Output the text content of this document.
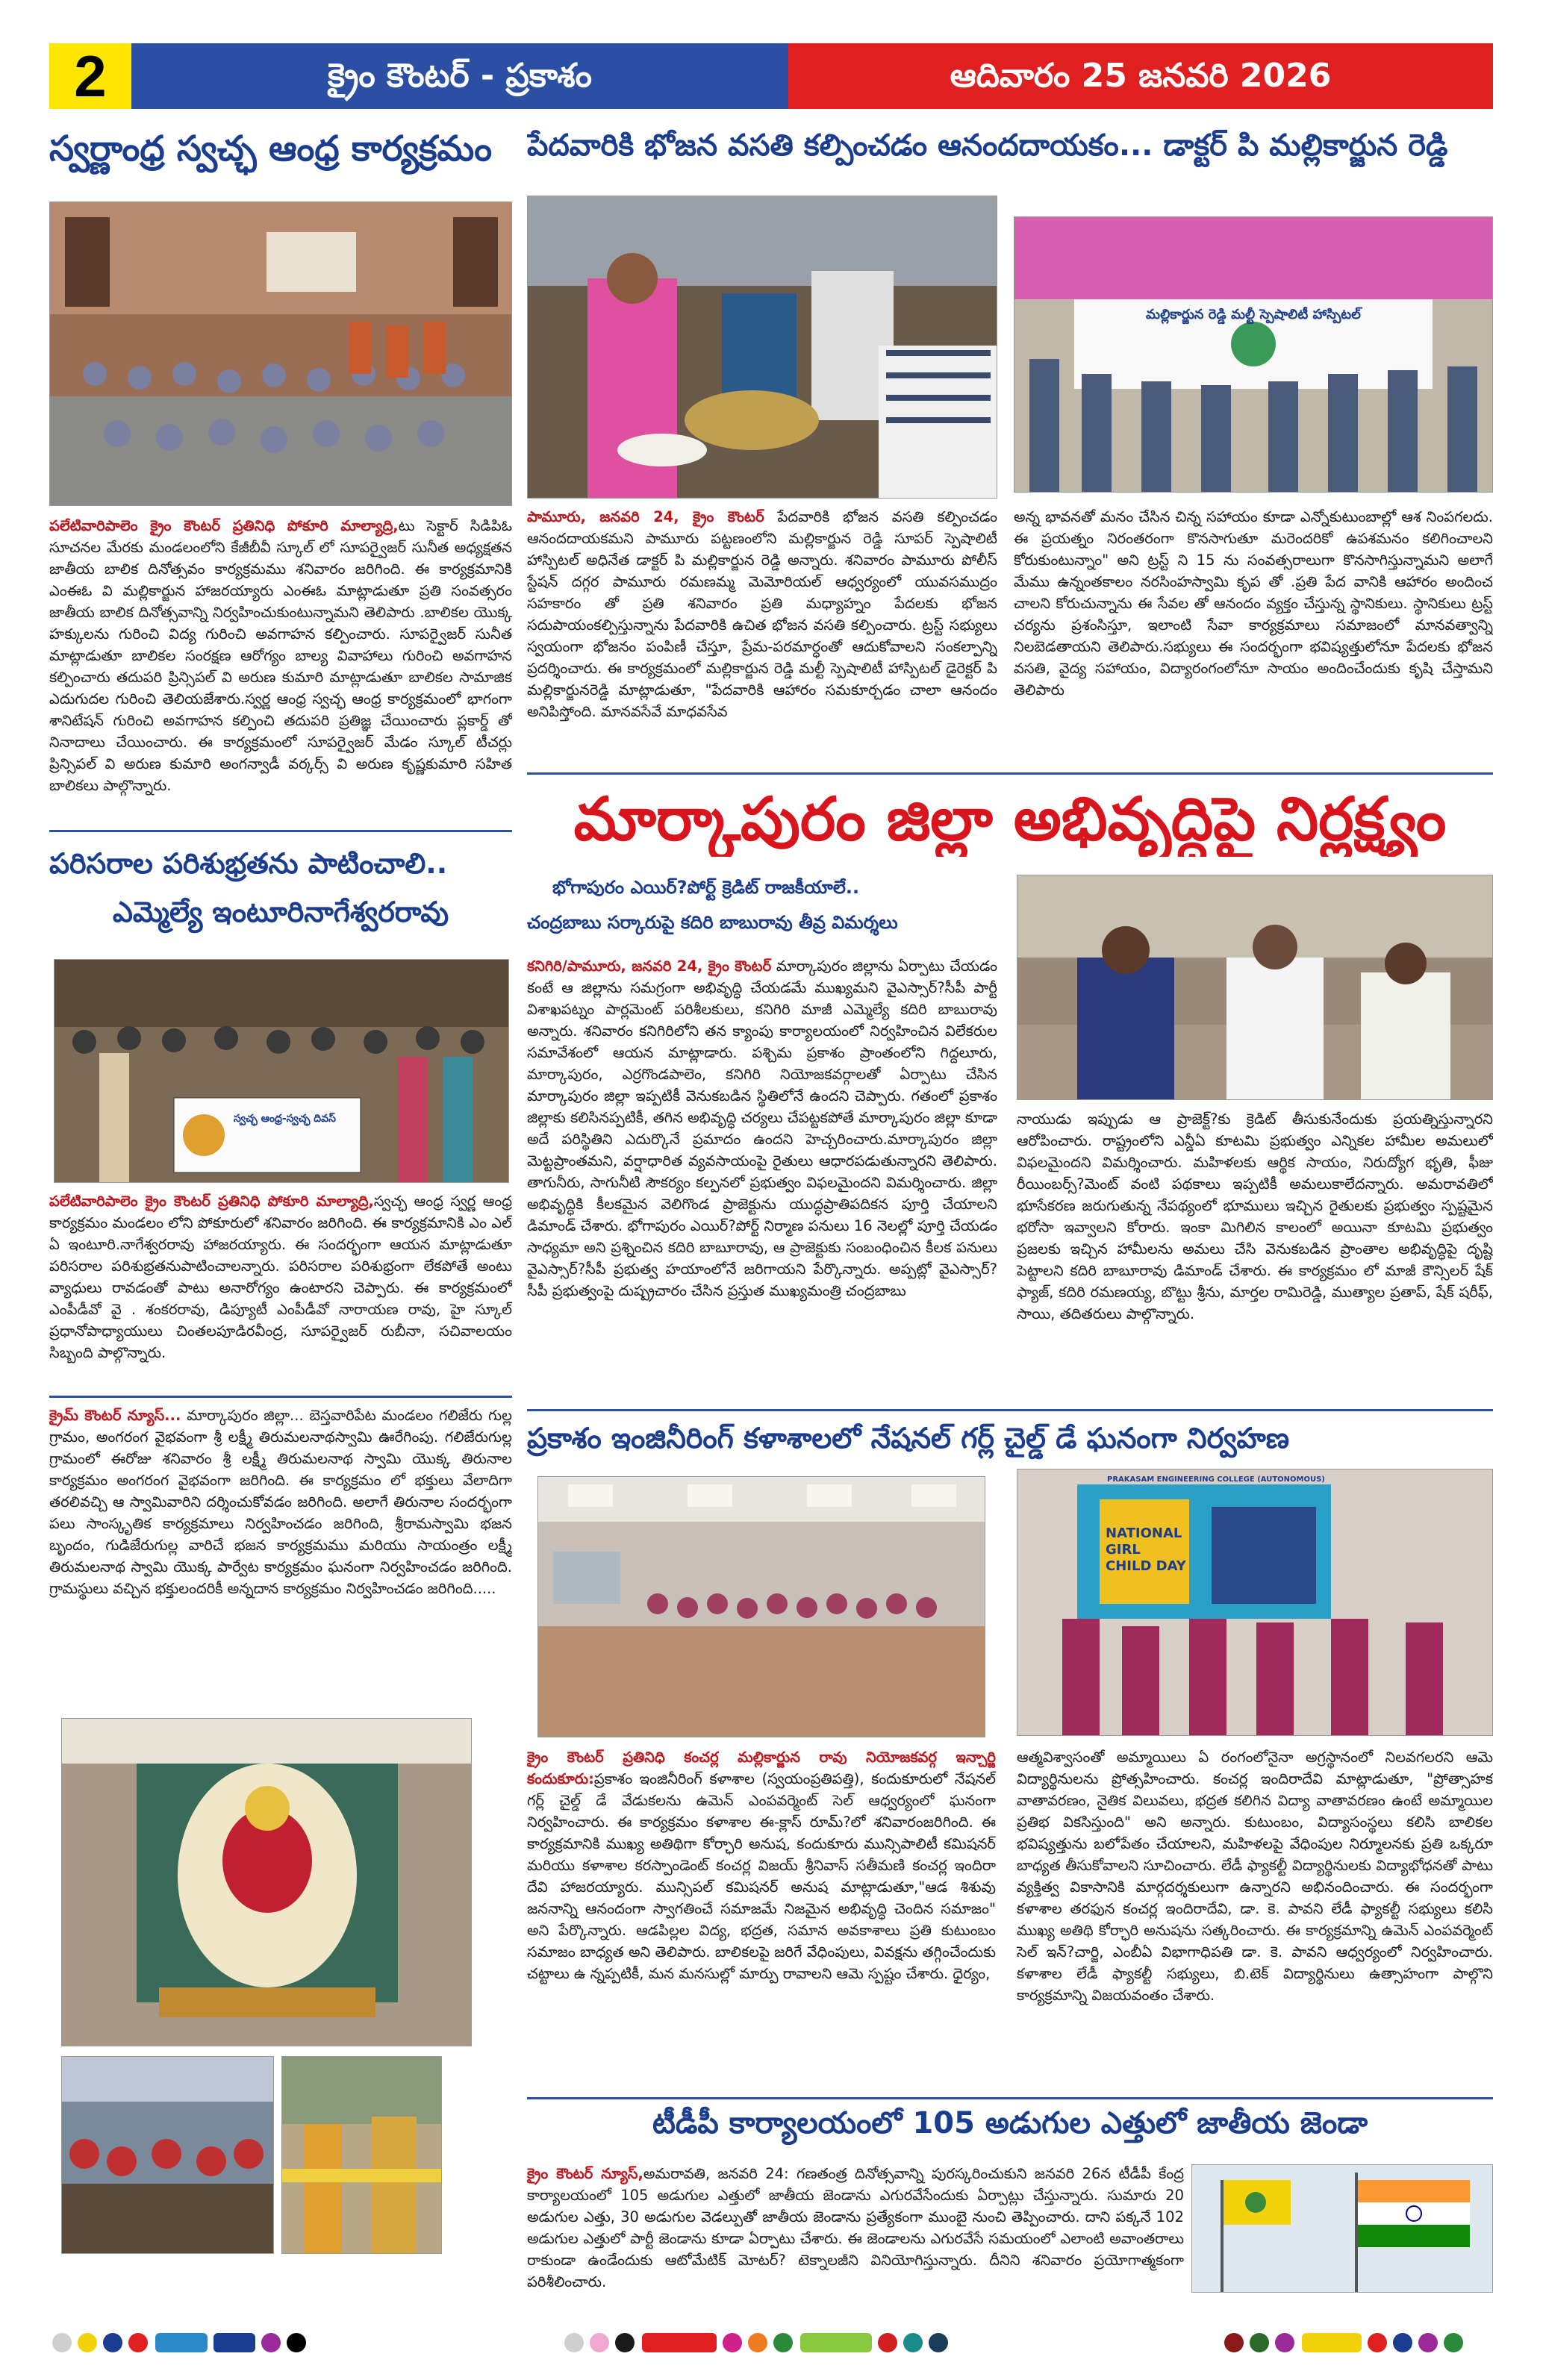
2	క్రైం కౌంటర్ - ప్రకాశం	ఆదివారం 25 జనవరి 2026
స్వర్ణాంధ్ర స్వచ్ఛ ఆంధ్ర కార్యక్రమం
పలేటివారిపాలెం క్రైం కౌంటర్ ప్రతినిధి పోకూరి మాల్యాద్రి,టు సెక్టార్ సిడిపిఓ సూచనల మేరకు మండలంలోని కేజీబీవీ స్కూల్ లో సూపర్వైజర్ సునీత అధ్యక్షతన జాతీయ బాలిక దినోత్సవం కార్యక్రమము శనివారం జరిగింది. ఈ కార్యక్రమానికి ఎంఈఓ వి మల్లికార్జున హాజరయ్యారు ఎంఈఓ మాట్లాడుతూ ప్రతి సంవత్సరం జాతీయ బాలిక దినోత్సవాన్ని నిర్వహించుకుంటున్నామని తెలిపారు .బాలికల యొక్క హక్కులను గురించి విద్య గురించి అవగాహన కల్పించారు. సూపర్వైజర్ సునీత మాట్లాడుతూ బాలికల సంరక్షణ ఆరోగ్యం బాల్య వివాహాలు గురించి అవగాహన కల్పించారు తదుపరి ప్రిన్సిపల్ వి అరుణ కుమారి మాట్లాడుతూ బాలికల సామాజిక ఎదుగుదల గురించి తెలియజేశారు.స్వర్ణ ఆంధ్ర స్వచ్ఛ ఆంధ్ర కార్యక్రమంలో భాగంగా శానిటేషన్ గురించి అవగాహన కల్పించి తదుపరి ప్రతిజ్ఞ చేయించారు ప్లకార్డ్ తో నినాదాలు చేయించారు. ఈ కార్యక్రమంలో సూపర్వైజర్ మేడం స్కూల్ టీచర్లు ప్రిన్సిపల్ వి అరుణ కుమారి అంగన్వాడీ వర్కర్స్ వి అరుణ కృష్ణకుమారి సహిత బాలికలు పాల్గొన్నారు.
పరిసరాల పరిశుభ్రతను పాటించాలి..
ఎమ్మెల్యే ఇంటూరినాగేశ్వరరావు
స్వచ్ఛ ఆంధ్ర-స్వచ్ఛ దివస్
పలేటివారిపాలెం క్రైం కౌంటర్ ప్రతినిధి పోకూరి మాల్యాద్రి,స్వచ్ఛ ఆంధ్ర స్వర్ణ ఆంధ్ర కార్యక్రమం మండలం లోని పోకూరులో శనివారం జరిగింది. ఈ కార్యక్రమానికి ఎం ఎల్ ఏ ఇంటూరి.నాగేశ్వరరావు హాజరయ్యారు. ఈ సందర్భంగా ఆయన మాట్లాడుతూ పరిసరాల పరిశుభ్రతనుపాటించాలన్నారు. పరిసరాల పరిశుభ్రంగా లేకపోతే అంటు వ్యాధులు రావడంతో పాటు అనారోగ్యం ఉంటారని చెప్పారు. ఈ కార్యక్రమంలో ఎంపీడీవో వై . శంకరరావు, డిప్యూటీ ఎంపీడీవో నారాయణ రావు, హై స్కూల్ ప్రధానోపాధ్యాయులు చింతలపూడిరవీంద్ర, సూపర్వైజర్ రుబీనా, సచివాలయం సిబ్బంది పాల్గొన్నారు.
క్రైమ్ కౌంటర్ న్యూస్... మార్కాపురం జిల్లా... బెస్తవారిపేట మండలం గలిజేరు గుల్ల గ్రామం, అంగరంగ వైభవంగా శ్రీ లక్ష్మీ తిరుమలనాథస్వామి ఊరేగింపు. గలిజేరుగుల్ల గ్రామంలో ఈరోజు శనివారం శ్రీ లక్ష్మీ తిరుమలనాథ స్వామి యొక్క తిరునాల కార్యక్రమం అంగరంగ వైభవంగా జరిగింది. ఈ కార్యక్రమం లో భక్తులు వేలాదిగా తరలివచ్చి ఆ స్వామివారిని దర్శించుకోవడం జరిగింది. అలాగే తిరునాల సందర్భంగా పలు సాంస్కృతిక కార్యక్రమాలు నిర్వహించడం జరిగింది, శ్రీరామస్వామి భజన బృందం, గుడిజేరుగుల్ల వారిచే భజన కార్యక్రమము మరియు సాయంత్రం లక్ష్మీ తిరుమలనాథ స్వామి యొక్క పార్వేట కార్యక్రమం ఘనంగా నిర్వహించడం జరిగింది. గ్రామస్థులు వచ్చిన భక్తులందరికీ అన్నదాన కార్యక్రమం నిర్వహించడం జరిగింది.....
పేదవారికి భోజన వసతి కల్పించడం ఆనందదాయకం... డాక్టర్ పి మల్లికార్జున రెడ్డి
మల్లికార్జున రెడ్డి మల్టీ స్పెషాలిటీ హాస్పిటల్
పామూరు, జనవరి 24, క్రైం కౌంటర్ పేదవారికి భోజన వసతి కల్పించడం ఆనందదాయకమని పామూరు పట్టణంలోని మల్లికార్జున రెడ్డి సూపర్ స్పెషాలిటీ హాస్పిటల్ అధినేత డాక్టర్ పి మల్లికార్జున రెడ్డి అన్నారు. శనివారం పామూరు పోలీస్ స్టేషన్ దగ్గర పామూరు రమణమ్మ మెమోరియల్ ఆధ్వర్యంలో యువసముద్రం సహకారం తో ప్రతి శనివారం ప్రతి మధ్యాహ్నం పేదలకు భోజన సదుపాయంకల్పిస్తున్నాను పేదవారికి ఉచిత భోజన వసతి కల్పించారు. ట్రస్ట్ సభ్యులు స్వయంగా భోజనం పంపిణీ చేస్తూ, ప్రేమ-పరమార్ధంతో ఆదుకోవాలని సంకల్పాన్ని ప్రదర్శించారు. ఈ కార్యక్రమంలో మల్లికార్జున రెడ్డి మల్టీ స్పెషాలిటీ హాస్పిటల్ డైరెక్టర్ పి మల్లికార్జునరెడ్డి మాట్లాడుతూ, "పేదవారికి ఆహారం సమకూర్చడం చాలా ఆనందం అనిపిస్తోంది. మానవసేవే మాధవసేవ
అన్న భావనతో మనం చేసిన చిన్న సహాయం కూడా ఎన్నోకుటుంబాల్లో ఆశ నింపగలదు. ఈ ప్రయత్నం నిరంతరంగా కొనసాగుతూ మరెందరికో ఉపశమనం కలిగించాలని కోరుకుంటున్నాం" అని ట్రస్ట్ ని 15 ను సంవత్సరాలుగా కొనసాగిస్తున్నామని అలాగే మేము ఉన్నంతకాలం నరసింహస్వామి కృప తో .ప్రతి పేద వానికి ఆహారం అందించ చాలని కోరుచున్నాను ఈ సేవల తో ఆనందం వ్యక్తం చేస్తున్న స్థానికులు. స్థానికులు ట్రస్ట్ చర్యను ప్రశంసిస్తూ, ఇలాంటి సేవా కార్యక్రమాలు సమాజంలో మానవత్వాన్ని నిలబెడతాయని తెలిపారు.సభ్యులు ఈ సందర్భంగా భవిష్యత్తులోనూ పేదలకు భోజన వసతి, వైద్య సహాయం, విద్యారంగంలోనూ సాయం అందించేందుకు కృషి చేస్తామని తెలిపారు
మార్కాపురం జిల్లా అభివృద్ధిపై నిర్లక్ష్యం
భోగాపురం ఎయిర్?పోర్ట్ క్రెడిట్ రాజకీయాలే..
చంద్రబాబు సర్కారుపై కదిరి బాబురావు తీవ్ర విమర్శలు
కనిగిరి/పామూరు, జనవరి 24, క్రైం కౌంటర్ మార్కాపురం జిల్లాను ఏర్పాటు చేయడం కంటే ఆ జిల్లాను సమగ్రంగా అభివృద్ధి చేయడమే ముఖ్యమని వైఎస్సార్?సీపీ పార్టీ విశాఖపట్నం పార్లమెంట్ పరిశీలకులు, కనిగిరి మాజీ ఎమ్మెల్యే కదిరి బాబురావు అన్నారు. శనివారం కనిగిరిలోని తన క్యాంపు కార్యాలయంలో నిర్వహించిన విలేకరుల సమావేశంలో ఆయన మాట్లాడారు. పశ్చిమ ప్రకాశం ప్రాంతంలోని గిద్దలూరు, మార్కాపురం, ఎర్రగొండపాలెం, కనిగిరి నియోజకవర్గాలతో ఏర్పాటు చేసిన మార్కాపురం జిల్లా ఇప్పటికీ వెనుకబడిన స్థితిలోనే ఉందని చెప్పారు. గతంలో ప్రకాశం జిల్లాకు కలిసినప్పటికీ, తగిన అభివృద్ధి చర్యలు చేపట్టకపోతే మార్కాపురం జిల్లా కూడా అదే పరిస్థితిని ఎదుర్కొనే ప్రమాదం ఉందని హెచ్చరించారు.మార్కాపురం జిల్లా మెట్టప్రాంతమని, వర్షాధారిత వ్యవసాయంపై రైతులు ఆధారపడుతున్నారని తెలిపారు. తాగునీరు, సాగునీటి సౌకర్యం కల్పనలో ప్రభుత్వం విఫలమైందని విమర్శించారు. జిల్లా అభివృద్ధికి కీలకమైన వెలిగొండ ప్రాజెక్టును యుద్ధప్రాతిపదికన పూర్తి చేయాలని డిమాండ్ చేశారు. భోగాపురం ఎయిర్?పోర్ట్ నిర్మాణ పనులు 16 నెలల్లో పూర్తి చేయడం సాధ్యమా అని ప్రశ్నించిన కదిరి బాబూరావు, ఆ ప్రాజెక్టుకు సంబంధించిన కీలక పనులు వైఎస్సార్?సీపీ ప్రభుత్వ హయాంలోనే జరిగాయని పేర్కొన్నారు. అప్పట్లో వైఎస్సార్?సీపీ ప్రభుత్వంపై దుష్ప్రచారం చేసిన ప్రస్తుత ముఖ్యమంత్రి చంద్రబాబు
నాయుడు ఇప్పుడు ఆ ప్రాజెక్ట్?కు క్రెడిట్ తీసుకునేందుకు ప్రయత్నిస్తున్నారని ఆరోపించారు. రాష్ట్రంలోని ఎన్డీఏ కూటమి ప్రభుత్వం ఎన్నికల హామీల అమలులో విఫలమైందని విమర్శించారు. మహిళలకు ఆర్థిక సాయం, నిరుద్యోగ భృతి, ఫీజు రీయింబర్స్?మెంట్ వంటి పథకాలు ఇప్పటికీ అమలుకాలేదన్నారు. అమరావతిలో భూసేకరణ జరుగుతున్న నేపథ్యంలో భూములు ఇచ్చిన రైతులకు ప్రభుత్వం స్పష్టమైన భరోసా ఇవ్వాలని కోరారు. ఇంకా మిగిలిన కాలంలో అయినా కూటమి ప్రభుత్వం ప్రజలకు ఇచ్చిన హామీలను అమలు చేసి వెనుకబడిన ప్రాంతాల అభివృద్ధిపై దృష్టి పెట్టాలని కదిరి బాబూరావు డిమాండ్ చేశారు. ఈ కార్యక్రమం లో మాజీ కౌన్సిలర్ షేక్ ఫ్యాజ్, కదిరి రమణయ్య, బొట్టు శ్రీను, మార్తల రామిరెడ్డి, ముత్యాల ప్రతాప్, షేక్ షరీఫ్, సాయి, తదితరులు పాల్గొన్నారు.
ప్రకాశం ఇంజినీరింగ్ కళాశాలలో నేషనల్ గర్ల్ చైల్డ్ డే ఘనంగా నిర్వహణ
PRAKASAM ENGINEERING COLLEGE (AUTONOMOUS)
NATIONAL GIRL CHILD DAY
క్రైం కౌంటర్ ప్రతినిధి కంచర్ల మల్లికార్జున రావు నియోజకవర్గ ఇన్చార్జి కందుకూరు:ప్రకాశం ఇంజినీరింగ్ కళాశాల (స్వయంప్రతిపత్తి), కందుకూరులో నేషనల్ గర్ల్ చైల్డ్ డే వేడుకలను ఉమెన్ ఎంపవర్మెంట్ సెల్ ఆధ్వర్యంలో ఘనంగా నిర్వహించారు. ఈ కార్యక్రమం కళాశాల ఈ-క్లాస్ రూమ్?లో శనివారంజరిగింది. ఈ కార్యక్రమానికి ముఖ్య అతిథిగా కోర్ఛారి అనుష, కందుకూరు మున్సిపాలిటీ కమిషనర్ మరియు కళాశాల కరస్పాండెంట్ కంచర్ల విజయ్ శ్రీనివాస్ సతీమణి కంచర్ల ఇందిరా దేవి హాజరయ్యారు. మున్సిపల్ కమిషనర్ అనుష మాట్లాడుతూ,"ఆడ శిశువు జననాన్ని ఆనందంగా స్వాగతించే సమాజమే నిజమైన అభివృద్ధి చెందిన సమాజం" అని పేర్కొన్నారు. ఆడపిల్లల విద్య, భద్రత, సమాన అవకాశాలు ప్రతి కుటుంబం సమాజం బాధ్యత అని తెలిపారు. బాలికలపై జరిగే వేధింపులు, వివక్షను తగ్గించేందుకు చట్టాలు ఉ న్నప్పటికీ, మన మనసుల్లో మార్పు రావాలని ఆమె స్పష్టం చేశారు. ధైర్యం,
ఆత్మవిశ్వాసంతో అమ్మాయిలు ఏ రంగంలోనైనా అగ్రస్థానంలో నిలవగలరని ఆమె విద్యార్థినులను ప్రోత్సహించారు. కంచర్ల ఇందిరాదేవి మాట్లాడుతూ, "ప్రోత్సాహక వాతావరణం, నైతిక విలువలు, భద్రత కలిగిన విద్యా వాతావరణం ఉంటే అమ్మాయిల ప్రతిభ వికసిస్తుంది" అని అన్నారు. కుటుంబం, విద్యాసంస్థలు కలిసి బాలికల భవిష్యత్తును బలోపేతం చేయాలని, మహిళలపై వేధింపుల నిర్మూలనకు ప్రతి ఒక్కరూ బాధ్యత తీసుకోవాలని సూచించారు. లేడీ ఫ్యాకల్టీ విద్యార్థినులకు విద్యాభోధనతో పాటు వ్యక్తిత్వ వికాసానికి మార్గదర్శకులుగా ఉన్నారని అభినందించారు. ఈ సందర్భంగా కళాశాల తరఫున కంచర్ల ఇందిరాదేవి, డా. కె. పావని లేడీ ఫ్యాకల్టీ సభ్యులు కలిసి ముఖ్య అతిథి కోర్ఛారి అనుషను సత్కరించారు. ఈ కార్యక్రమాన్ని ఉమెన్ ఎంపవర్మెంట్ సెల్ ఇన్?చార్జి, ఎంబీఏ విభాగాధిపతి డా. కె. పావని ఆధ్వర్యంలో నిర్వహించారు. కళాశాల లేడీ ఫ్యాకల్టీ సభ్యులు, బి.టెక్ విద్యార్థినులు ఉత్సాహంగా పాల్గొని కార్యక్రమాన్ని విజయవంతం చేశారు.
టీడీపీ కార్యాలయంలో 105 అడుగుల ఎత్తులో జాతీయ జెండా
క్రైం కౌంటర్ న్యూస్,అమరావతి, జనవరి 24: గణతంత్ర దినోత్సవాన్ని పురస్కరించుకుని జనవరి 26న టీడీపీ కేంద్ర కార్యాలయంలో 105 అడుగుల ఎత్తులో జాతీయ జెండాను ఎగురవేసేందుకు ఏర్పాట్లు చేస్తున్నారు. సుమారు 20 అడుగుల ఎత్తు, 30 అడుగుల వెడల్పుతో జాతీయ జెండాను ప్రత్యేకంగా ముంబై నుంచి తెప్పించారు. దాని పక్కనే 102 అడుగుల ఎత్తులో పార్టీ జెండాను కూడా ఏర్పాటు చేశారు. ఈ జెండాలను ఎగురవేసే సమయంలో ఎలాంటి అవాంతరాలు రాకుండా ఉండేందుకు ఆటోమేటిక్ మోటర్? టెక్నాలజీని వినియోగిస్తున్నారు. దీనిని శనివారం ప్రయోగాత్మకంగా పరిశీలించారు.
